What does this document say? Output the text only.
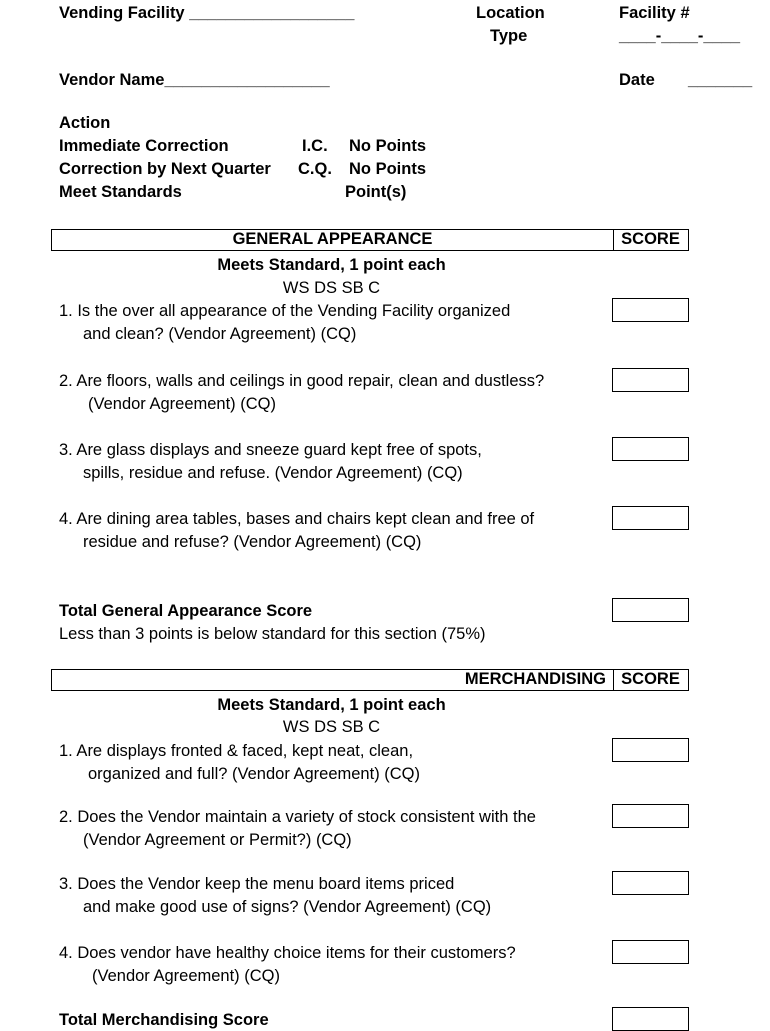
Vending Facility __________________	Location
Type
Facility #
____-____-____
Vendor Name__________________	Date _______
Action
Immediate Correction	I.C. No Points
Correction by Next Quarter C.Q. No Points
Meet Standards	Point(s)
GENERAL APPEARANCE	SCORE
Meets Standard, 1 point each
WS DS SB C
1. Is the over all appearance of the Vending Facility organized
and clean? (Vendor Agreement) (CQ)
2. Are floors, walls and ceilings in good repair, clean and dustless?
(Vendor Agreement) (CQ)
3. Are glass displays and sneeze guard kept free of spots,
spills, residue and refuse. (Vendor Agreement) (CQ)
4. Are dining area tables, bases and chairs kept clean and free of
residue and refuse? (Vendor Agreement) (CQ)
Total General Appearance Score
Less than 3 points is below standard for this section (75%)
MERCHANDISING SCORE
Meets Standard, 1 point each
WS DS SB C
1. Are displays fronted & faced, kept neat, clean,
organized and full? (Vendor Agreement) (CQ)
2. Does the Vendor maintain a variety of stock consistent with the
(Vendor Agreement or Permit?) (CQ)
3. Does the Vendor keep the menu board items priced
and make good use of signs? (Vendor Agreement) (CQ)
4. Does vendor have healthy choice items for their customers?
(Vendor Agreement) (CQ)
Total Merchandising Score
